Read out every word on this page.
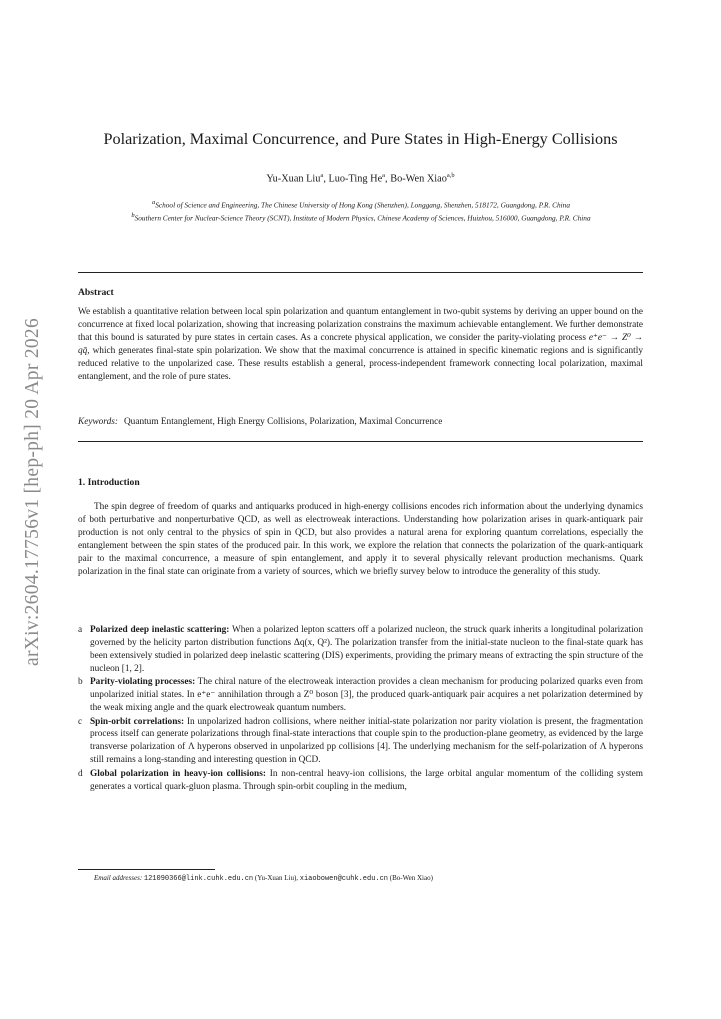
arXiv:2604.17756v1 [hep-ph] 20 Apr 2026
Polarization, Maximal Concurrence, and Pure States in High-Energy Collisions
Yu-Xuan Liu$^a$, Luo-Ting He$^a$, Bo-Wen Xiao$^{a,b}$
$^a$School of Science and Engineering, The Chinese University of Hong Kong (Shenzhen), Longgang, Shenzhen, 518172, Guangdong, P.R. China
$^b$Southern Center for Nuclear-Science Theory (SCNT), Institute of Modern Physics, Chinese Academy of Sciences, Huizhou, 516000, Guangdong, P.R. China
Abstract
We establish a quantitative relation between local spin polarization and quantum entanglement in two-qubit systems by deriving an upper bound on the concurrence at fixed local polarization, showing that increasing polarization constrains the maximum achievable entanglement. We further demonstrate that this bound is saturated by pure states in certain cases. As a concrete physical application, we consider the parity-violating process e⁺e⁻ → Z⁰ → qq̄, which generates final-state spin polarization. We show that the maximal concurrence is attained in specific kinematic regions and is significantly reduced relative to the unpolarized case. These results establish a general, process-independent framework connecting local polarization, maximal entanglement, and the role of pure states.
Keywords: Quantum Entanglement, High Energy Collisions, Polarization, Maximal Concurrence
1. Introduction
The spin degree of freedom of quarks and antiquarks produced in high-energy collisions encodes rich information about the underlying dynamics of both perturbative and nonperturbative QCD, as well as electroweak interactions. Understanding how polarization arises in quark-antiquark pair production is not only central to the physics of spin in QCD, but also provides a natural arena for exploring quantum correlations, especially the entanglement between the spin states of the produced pair. In this work, we explore the relation that connects the polarization of the quark-antiquark pair to the maximal concurrence, a measure of spin entanglement, and apply it to several physically relevant production mechanisms. Quark polarization in the final state can originate from a variety of sources, which we briefly survey below to introduce the generality of this study.
a Polarized deep inelastic scattering: When a polarized lepton scatters off a polarized nucleon, the struck quark inherits a longitudinal polarization governed by the helicity parton distribution functions Δq(x, Q²). The polarization transfer from the initial-state nucleon to the final-state quark has been extensively studied in polarized deep inelastic scattering (DIS) experiments, providing the primary means of extracting the spin structure of the nucleon [1, 2].
b Parity-violating processes: The chiral nature of the electroweak interaction provides a clean mechanism for producing polarized quarks even from unpolarized initial states. In e⁺e⁻ annihilation through a Z⁰ boson [3], the produced quark-antiquark pair acquires a net polarization determined by the weak mixing angle and the quark electroweak quantum numbers.
c Spin-orbit correlations: In unpolarized hadron collisions, where neither initial-state polarization nor parity violation is present, the fragmentation process itself can generate polarizations through final-state interactions that couple spin to the production-plane geometry, as evidenced by the large transverse polarization of Λ hyperons observed in unpolarized pp collisions [4]. The underlying mechanism for the self-polarization of Λ hyperons still remains a long-standing and interesting question in QCD.
d Global polarization in heavy-ion collisions: In non-central heavy-ion collisions, the large orbital angular momentum of the colliding system generates a vortical quark-gluon plasma. Through spin-orbit coupling in the medium,
Email addresses: 121090366@link.cuhk.edu.cn (Yu-Xuan Liu), xiaobowen@cuhk.edu.cn (Bo-Wen Xiao)
